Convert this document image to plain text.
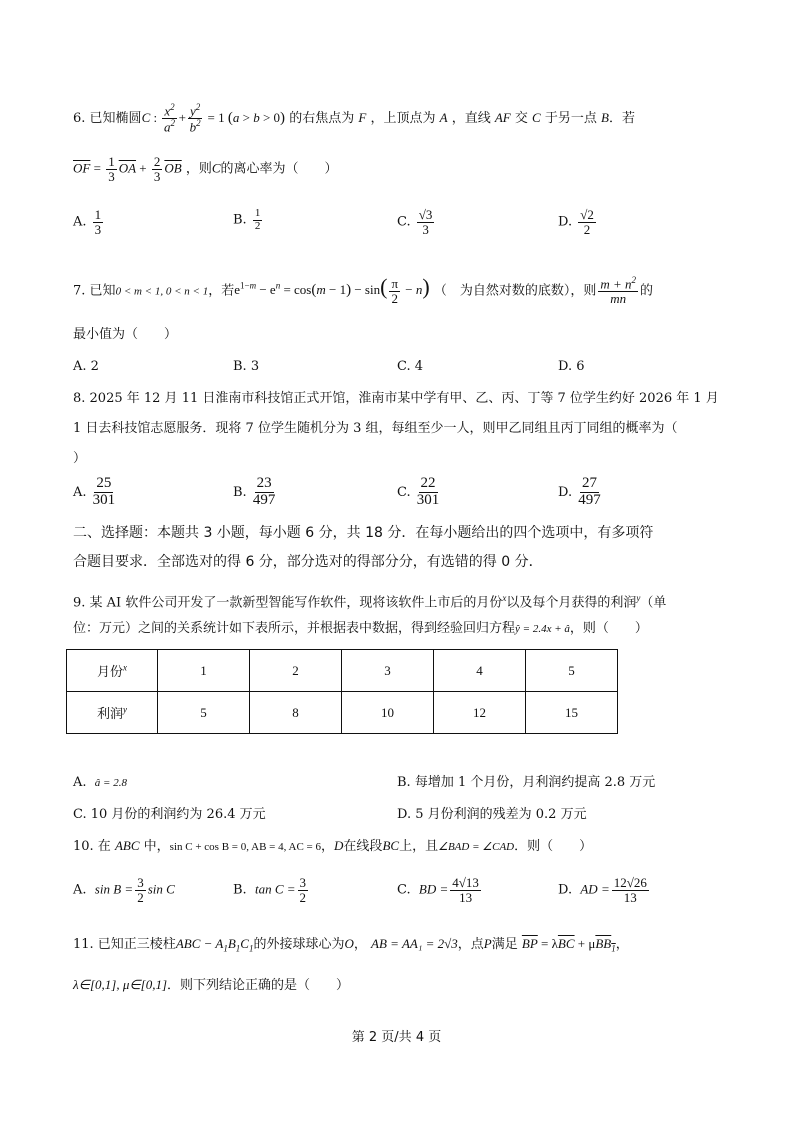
6. 已知椭圆C : $\frac{x^2}{a^2} + \frac{y^2}{b^2} = 1$ (a > b > 0) 的右焦点为 F ，上顶点为 A ，直线 AF 交 C 于另一点 B．若
$\overline{OF} = \frac{1}{3} \overline{OA} + \frac{2}{3} \overline{OB}$ ，则C的离心率为（　　）
A. $\frac{1}{3}$	B. $\frac{1}{2}$	C. $\frac{√3}{3}$	D. $\frac{√2}{2}$
7. 已知0 < m < 1, 0 < n < 1，若$e^{1-m} - e^n = \cos(m - 1) - \sin( \frac{\pi}{2} - n)$ （　为自然对数的底数），则 $\frac{m + n^2}{mn}$ 的
最小值为（　　）
A. 2	B. 3	C. 4	D. 6
8. 2025 年 12 月 11 日淮南市科技馆正式开馆，淮南市某中学有甲、乙、丙、丁等 7 位学生约好 2026 年 1 月
1 日去科技馆志愿服务．现将 7 位学生随机分为 3 组，每组至少一人，则甲乙同组且丙丁同组的概率为（
）
A. $\frac{25}{301}$	B. $\frac{23}{497}$	C. $\frac{22}{301}$	D. $\frac{27}{497}$
二、选择题：本题共 3 小题，每小题 6 分，共 18 分．在每小题给出的四个选项中，有多项符
合题目要求．全部选对的得 6 分，部分选对的得部分分，有选错的得 0 分．
9. 某 AI 软件公司开发了一款新型智能写作软件，现将该软件上市后的月份$^x$以及每个月获得的利润$^y$（单
位：万元）之间的关系统计如下表所示，并根据表中数据，得到经验回归方程ŷ = 2.4x + â，则（　　）
月份$^x$	1	2	3	4	5
利润$^y$	5	8	10	12	15
A. â = 2.8	B. 每增加 1 个月份，月利润约提高 2.8 万元
C. 10 月份的利润约为 26.4 万元	D. 5 月份利润的残差为 0.2 万元
10. 在 ABC 中，sin C + cos B = 0, AB = 4, AC = 6，D在线段BC上，且∠BAD = ∠CAD．则（　　）
A. $\sin B = \frac{3}{2}$ sin C	B. $\tan C = \frac{3}{2}$	C. BD = $\frac{4√13}{13}$	D. AD = $\frac{12√26}{13}$
11. 已知正三棱柱ABC − $A_1B_1C_1$的外接球球心为O， AB = AA₁ = 2√3，点P满足 $\overline{BP} = \lambda\overline{BC} + \mu BB_1$，
λ∈[0,1], μ∈[0,1]．则下列结论正确的是（　　）
第 2 页/共 4 页
